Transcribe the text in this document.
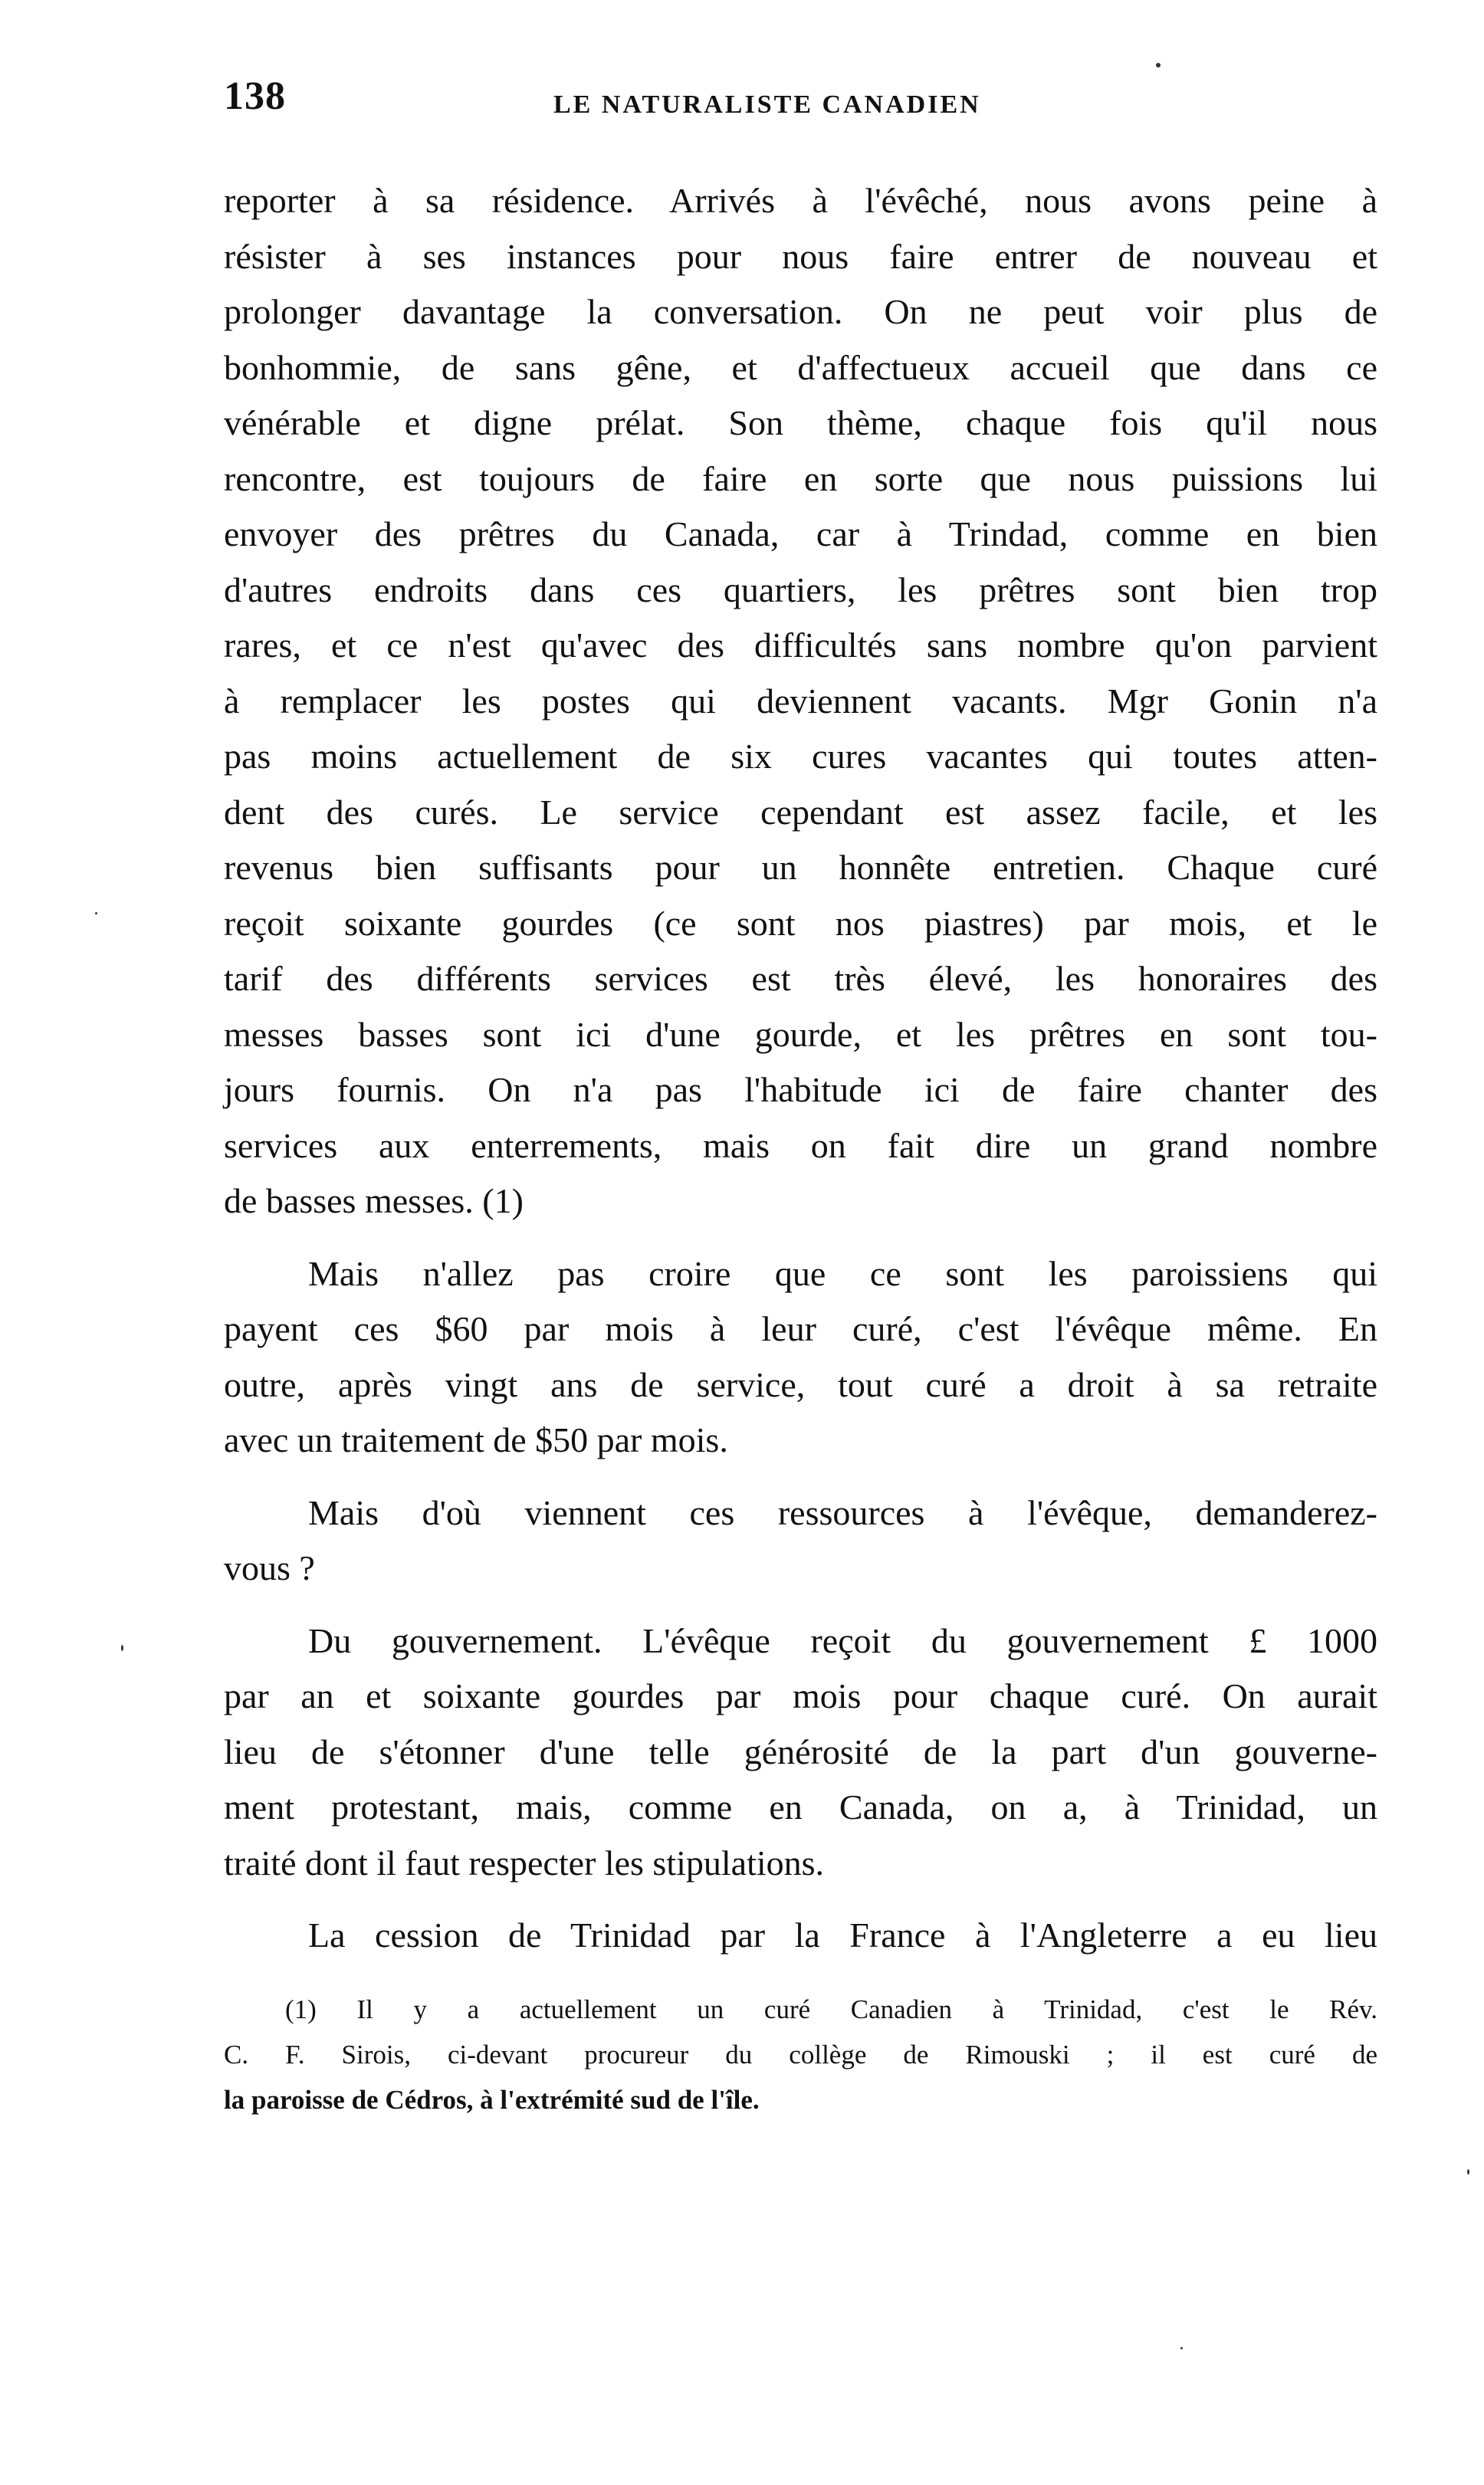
138	LE NATURALISTE CANADIEN
reporter à sa résidence. Arrivés à l'évêché, nous avons peine à
résister à ses instances pour nous faire entrer de nouveau et
prolonger davantage la conversation. On ne peut voir plus de
bonhommie, de sans gêne, et d'affectueux accueil que dans ce
vénérable et digne prélat. Son thème, chaque fois qu'il nous
rencontre, est toujours de faire en sorte que nous puissions lui
envoyer des prêtres du Canada, car à Trindad, comme en bien
d'autres endroits dans ces quartiers, les prêtres sont bien trop
rares, et ce n'est qu'avec des difficultés sans nombre qu'on parvient
à remplacer les postes qui deviennent vacants. Mgr Gonin n'a
pas moins actuellement de six cures vacantes qui toutes atten-
dent des curés. Le service cependant est assez facile, et les
revenus bien suffisants pour un honnête entretien. Chaque curé
reçoit soixante gourdes (ce sont nos piastres) par mois, et le
tarif des différents services est très élevé, les honoraires des
messes basses sont ici d'une gourde, et les prêtres en sont tou-
jours fournis. On n'a pas l'habitude ici de faire chanter des
services aux enterrements, mais on fait dire un grand nombre
de basses messes. (1)
Mais n'allez pas croire que ce sont les paroissiens qui
payent ces $60 par mois à leur curé, c'est l'évêque même. En
outre, après vingt ans de service, tout curé a droit à sa retraite
avec un traitement de $50 par mois.
Mais d'où viennent ces ressources à l'évêque, demanderez-
vous ?
Du gouvernement. L'évêque reçoit du gouvernement £ 1000
par an et soixante gourdes par mois pour chaque curé. On aurait
lieu de s'étonner d'une telle générosité de la part d'un gouverne-
ment protestant, mais, comme en Canada, on a, à Trinidad, un
traité dont il faut respecter les stipulations.
La cession de Trinidad par la France à l'Angleterre a eu lieu
(1) Il y a actuellement un curé Canadien à Trinidad, c'est le Rév.
C. F. Sirois, ci-devant procureur du collège de Rimouski ; il est curé de
la paroisse de Cédros, à l'extrémité sud de l'île.
